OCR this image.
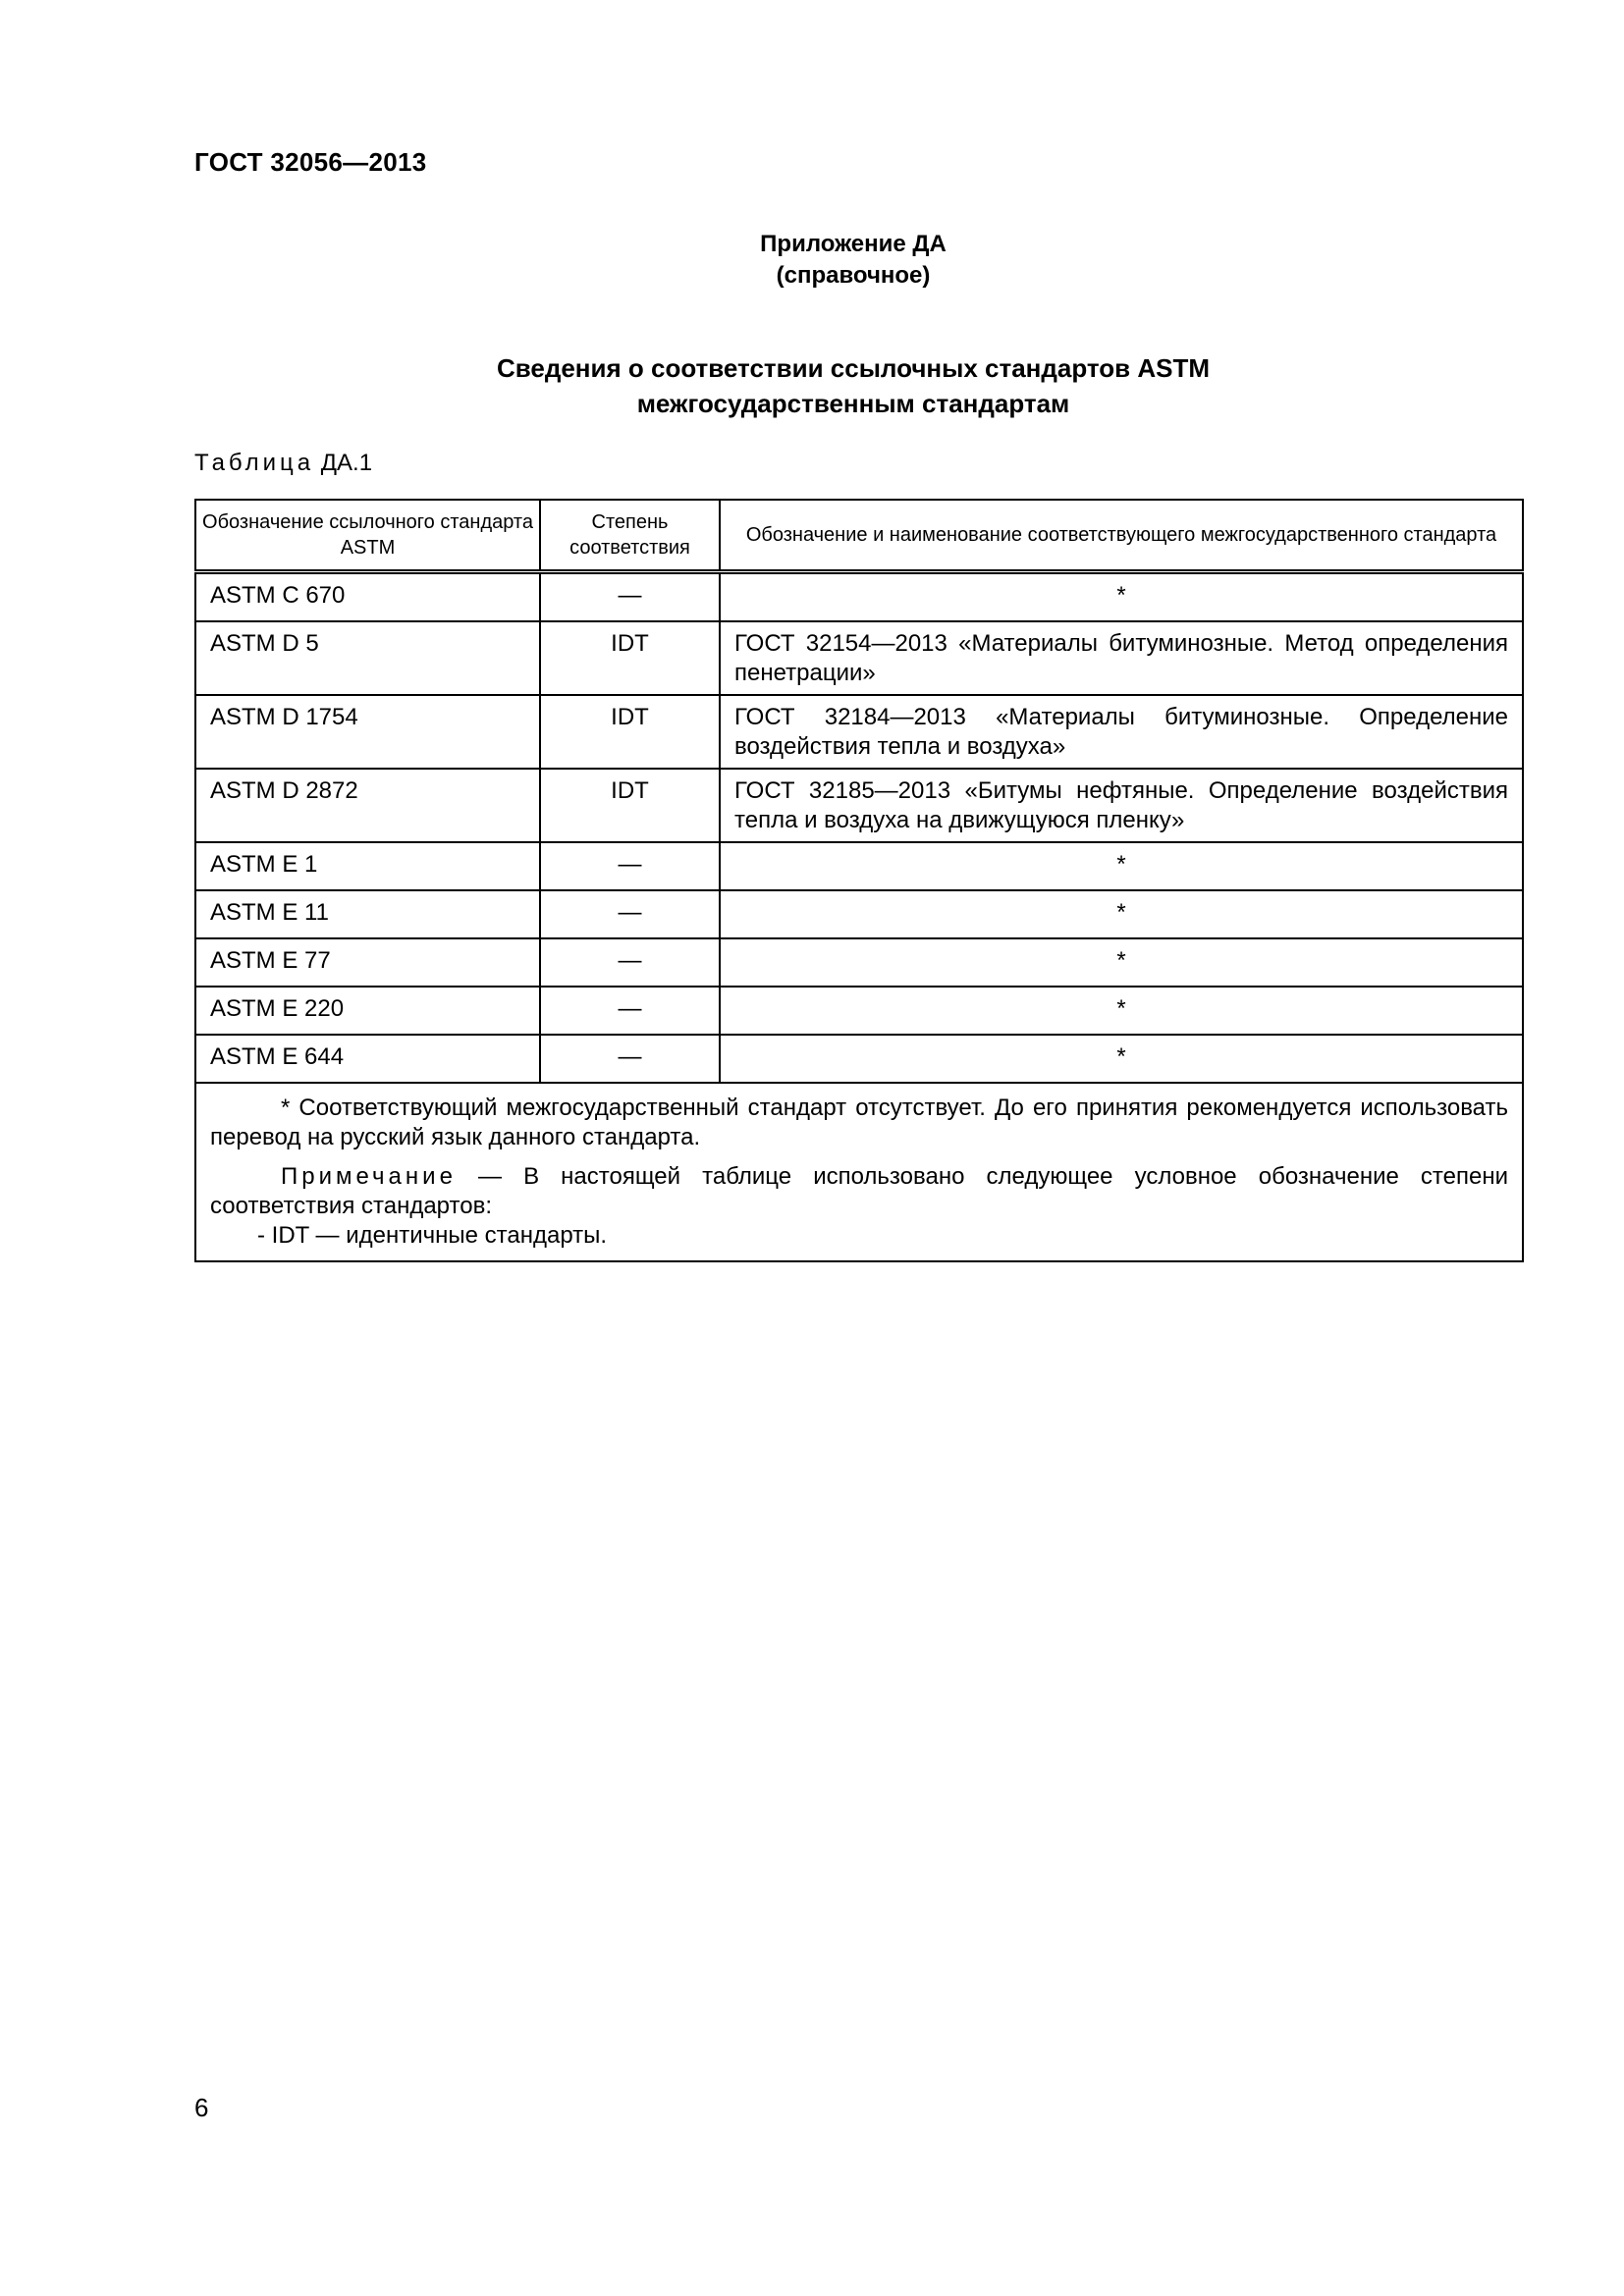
ГОСТ 32056—2013
Приложение ДА
(справочное)
Сведения о соответствии ссылочных стандартов ASTM
межгосударственным стандартам
Таблица ДА.1
Обозначение ссылочного стандарта ASTM	Степень соответствия	Обозначение и наименование соответствующего межгосударственного стандарта
ASTM C 670	—	*
ASTM D 5	IDT	ГОСТ 32154—2013 «Материалы битуминозные. Метод определения пенетрации»
ASTM D 1754	IDT	ГОСТ 32184—2013 «Материалы битуминозные. Определение воздействия тепла и воздуха»
ASTM D 2872	IDT	ГОСТ 32185—2013 «Битумы нефтяные. Определение воздействия тепла и воздуха на движущуюся пленку»
ASTM E 1	—	*
ASTM E 11	—	*
ASTM E 77	—	*
ASTM E 220	—	*
ASTM E 644	—	*

* Соответствующий межгосударственный стандарт отсутствует. До его принятия рекомендуется использовать перевод на русский язык данного стандарта.

Примечание — В настоящей таблице использовано следующее условное обозначение степени соответствия стандартов:

- IDT — идентичные стандарты.		

6
